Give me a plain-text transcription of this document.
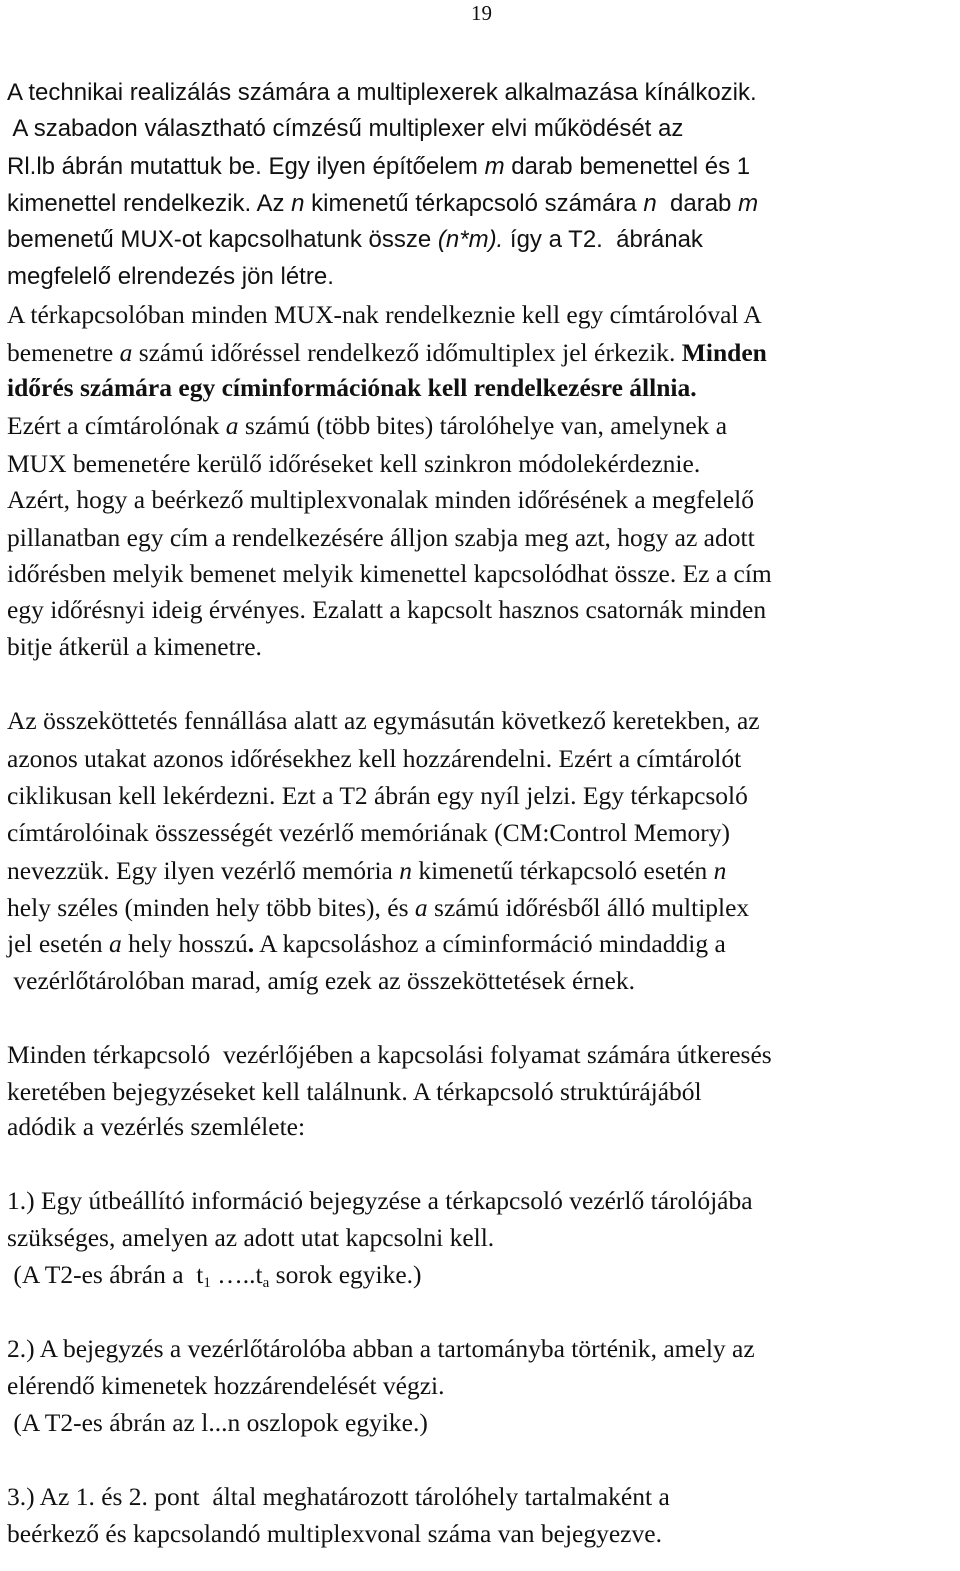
19
A technikai realizálás számára a multiplexerek alkalmazása kínálkozik.
A szabadon választható címzésű multiplexer elvi működését az
Rl.lb ábrán mutattuk be. Egy ilyen építőelem m darab bemenettel és 1
kimenettel rendelkezik. Az n kimenetű térkapcsoló számára n  darab m
bemenetű MUX-ot kapcsolhatunk össze (n*m). így a T2.  ábrának
megfelelő elrendezés jön létre.
A térkapcsolóban minden MUX-nak rendelkeznie kell egy címtárolóval A
bemenetre a számú időréssel rendelkező időmultiplex jel érkezik. Minden
időrés számára egy címinformációnak kell rendelkezésre állnia.
Ezért a címtárolónak a számú (több bites) tárolóhelye van, amelynek a
MUX bemenetére kerülő időréseket kell szinkron módolekérdeznie.
Azért, hogy a beérkező multiplexvonalak minden időrésének a megfelelő
pillanatban egy cím a rendelkezésére álljon szabja meg azt, hogy az adott
időrésben melyik bemenet melyik kimenettel kapcsolódhat össze. Ez a cím
egy időrésnyi ideig érvényes. Ezalatt a kapcsolt hasznos csatornák minden
bitje átkerül a kimenetre.
Az összeköttetés fennállása alatt az egymásután következő keretekben, az
azonos utakat azonos időrésekhez kell hozzárendelni. Ezért a címtárolót
ciklikusan kell lekérdezni. Ezt a T2 ábrán egy nyíl jelzi. Egy térkapcsoló
címtárolóinak összességét vezérlő memóriának (CM:Control Memory)
nevezzük. Egy ilyen vezérlő memória n kimenetű térkapcsoló esetén n
hely széles (minden hely több bites), és a számú időrésből álló multiplex
jel esetén a hely hosszú. A kapcsoláshoz a címinformáció mindaddig a
vezérlőtárolóban marad, amíg ezek az összeköttetések érnek.
Minden térkapcsoló  vezérlőjében a kapcsolási folyamat számára útkeresés
keretében bejegyzéseket kell találnunk. A térkapcsoló struktúrájából
adódik a vezérlés szemlélete:
1.) Egy útbeállító információ bejegyzése a térkapcsoló vezérlő tárolójába
szükséges, amelyen az adott utat kapcsolni kell.
(A T2-es ábrán a  $t_1$ $\dots..t_a$ sorok egyike.)
2.) A bejegyzés a vezérlőtárolóba abban a tartományba történik, amely az
elérendő kimenetek hozzárendelését végzi.
(A T2-es ábrán az l...n oszlopok egyike.)
3.) Az 1. és 2. pont  által meghatározott tárolóhely tartalmaként a
beérkező és kapcsolandó multiplexvonal száma van bejegyezve.
